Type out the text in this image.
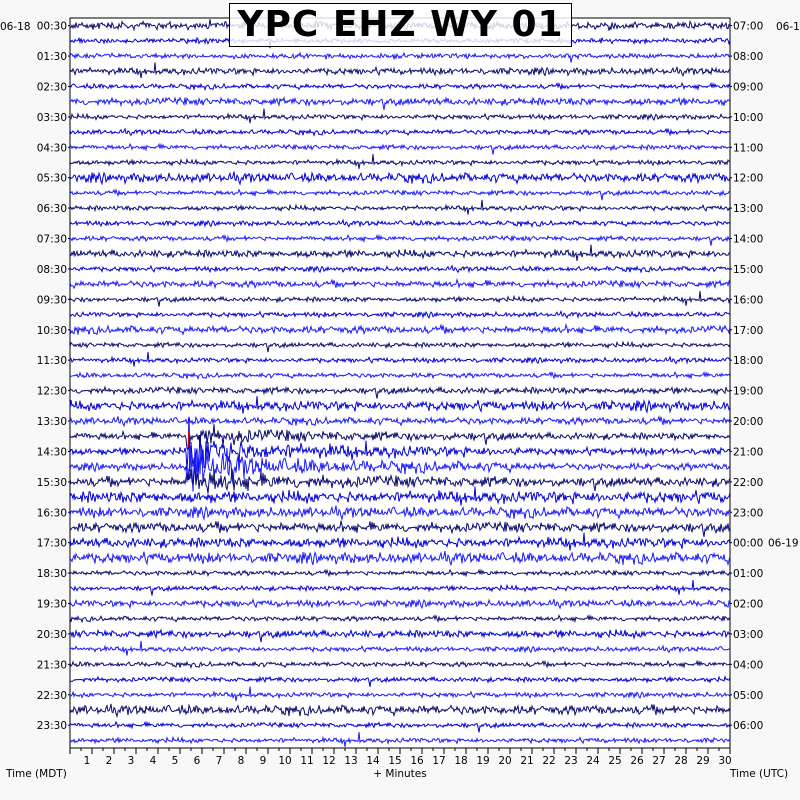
00:30
01:30
02:30
03:30
04:30
05:30
06:30
07:30
08:30
09:30
10:30
11:30
12:30
13:30
14:30
15:30
16:30
17:30
18:30
19:30
20:30
21:30
22:30
23:30
07:00
08:00
09:00
10:00
11:00
12:00
13:00
14:00
15:00
16:00
17:00
18:00
19:00
20:00
21:00
22:00
23:00
00:00
01:00
02:00
03:00
04:00
05:00
06:00
06-19
06-18	06-1
1 2 3 4 5 6 7 8 9 10 11 12 13 14 15 16 17 18 19 20 21 22 23 24 25 26 27 28 29 30
Time (MDT)	+ Minutes	Time (UTC)
YPC EHZ WY 01
